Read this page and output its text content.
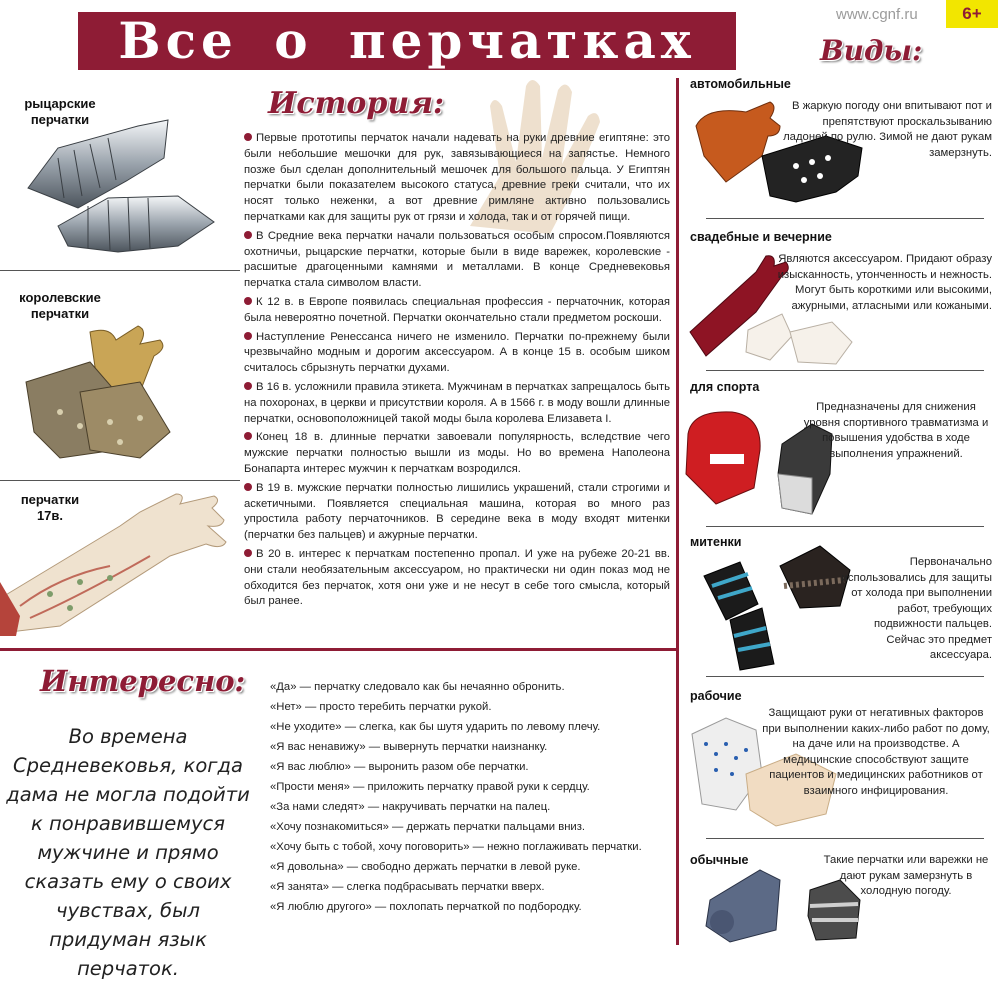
Все о перчатках	www.cgnf.ru	6+
История:
Виды:
рыцарские перчатки
королевские перчатки
перчатки 17в.

Первые прототипы перчаток начали надевать на руки древние египтяне: это были небольшие мешочки для рук, завязывающиеся на запястье. Немного позже был сделан дополнительный мешочек для большого пальца. У Египтян перчатки были показателем высокого статуса, древние греки считали, что их носят только неженки, а вот древние римляне активно пользовались перчатками как для защиты рук от грязи и холода, так и от горячей пищи.

В Средние века перчатки начали пользоваться особым спросом.Появляются охотничьи, рыцарские перчатки, которые были в виде варежек, королевские - расшитые драгоценными камнями и металлами. В конце Средневековья перчатка стала символом власти.

К 12 в. в Европе появилась специальная профессия - перчаточник, которая была невероятно почетной. Перчатки окончательно стали предметом роскоши.

Наступление Ренессанса ничего не изменило. Перчатки по-прежнему были чрезвычайно модным и дорогим аксессуаром. А в конце 15 в. особым шиком считалось сбрызнуть перчатки духами.

В 16 в. усложнили правила этикета. Мужчинам в перчатках запрещалось быть на похоронах, в церкви и присутствии короля. А в 1566 г. в моду вошли длинные перчатки, основоположницей такой моды была королева Елизавета I.

Конец 18 в. длинные перчатки завоевали популярность, вследствие чего мужские перчатки полностью вышли из моды. Но во времена Наполеона Бонапарта интерес мужчин к перчаткам возродился.

В 19 в. мужские перчатки полностью лишились украшений, стали строгими и аскетичными. Появляется специальная машина, которая во много раз упростила работу перчаточников. В середине века в моду входят митенки (перчатки без пальцев) и ажурные перчатки.

В 20 в. интерес к перчаткам постепенно пропал. И уже на рубеже 20-21 вв. они стали необязательным аксессуаром, но практически ни один показ мод не обходится без перчаток, хотя они уже и не несут в себе того смысла, который был ранее.

Интересно:
Во времена Средневековья, когда дама не могла подойти к понравившемуся мужчине и прямо сказать ему о своих чувствах, был придуман язык перчаток.
«Да» — перчатку следовало как бы нечаянно обронить.
«Нет» — просто теребить перчатки рукой.
«Не уходите» — слегка, как бы шутя ударить по левому плечу.
«Я вас ненавижу» — вывернуть перчатки наизнанку.
«Я вас люблю» — выронить разом обе перчатки.
«Прости меня» — приложить перчатку правой руки к сердцу.
«За нами следят» — накручивать перчатки на палец.
«Хочу познакомиться» — держать перчатки пальцами вниз.
«Хочу быть с тобой, хочу поговорить» — нежно поглаживать перчатки.
«Я довольна» — свободно держать перчатки в левой руке.
«Я занята» — слегка подбрасывать перчатки вверх.
«Я люблю другого» — похлопать перчаткой по подбородку.
автомобильные
В жаркую погоду они впитывают пот и препятствуют проскальзыванию ладоней по рулю. Зимой не дают рукам замерзнуть.
свадебные и вечерние
Являются аксессуаром. Придают образу изысканность, утонченность и нежность. Могут быть короткими или высокими, ажурными, атласными или кожаными.
для спорта
Предназначены для снижения уровня спортивного травматизма и повышения удобства в ходе выполнения упражнений.
митенки
Первоначально использовались для защиты от холода при выполнении работ, требующих подвижности пальцев. Сейчас это предмет аксессуара.
рабочие
Защищают руки от негативных факторов при выполнении каких-либо работ по дому, на даче или на производстве. А медицинские способствуют защите пациентов и медицинских работников от взаимного инфицирования.
обычные	Такие перчатки или варежки не дают рукам замерзнуть в холодную погоду.
